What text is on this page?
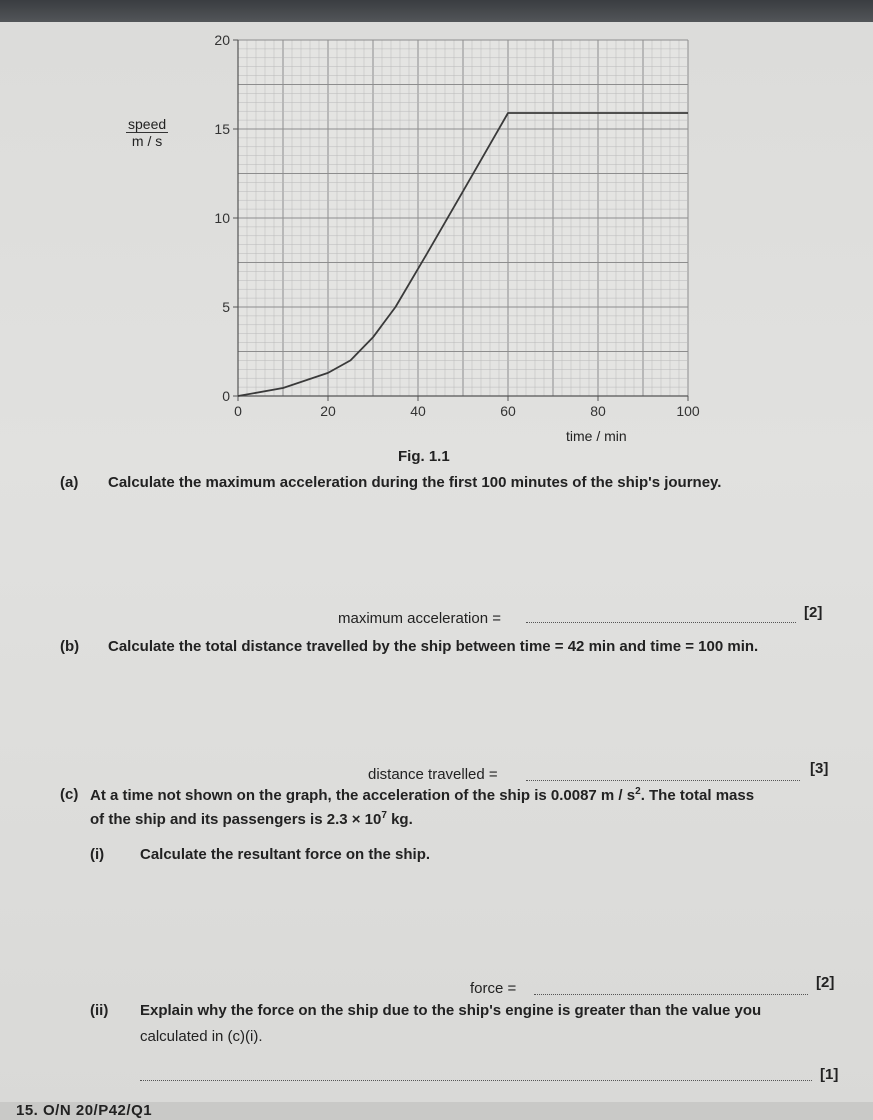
0	20	40	60	80	100
0
5
10
15
20
speed
m / s
time / min
Fig. 1.1
(a) Calculate the maximum acceleration during the first 100 minutes of the ship's journey.
maximum acceleration =	[2]
(b) Calculate the total distance travelled by the ship between time = 42 min and time = 100 min.
distance travelled =	[3]
(c) At a time not shown on the graph, the acceleration of the ship is 0.0087 m / $s^2$. The total mass
of the ship and its passengers is $2.3 \times 10^7$ kg.
(i) Calculate the resultant force on the ship.
force =	[2]
(ii) Explain why the force on the ship due to the ship's engine is greater than the value you
calculated in (c)(i).
[1]
15. O/N 20/P42/Q1
